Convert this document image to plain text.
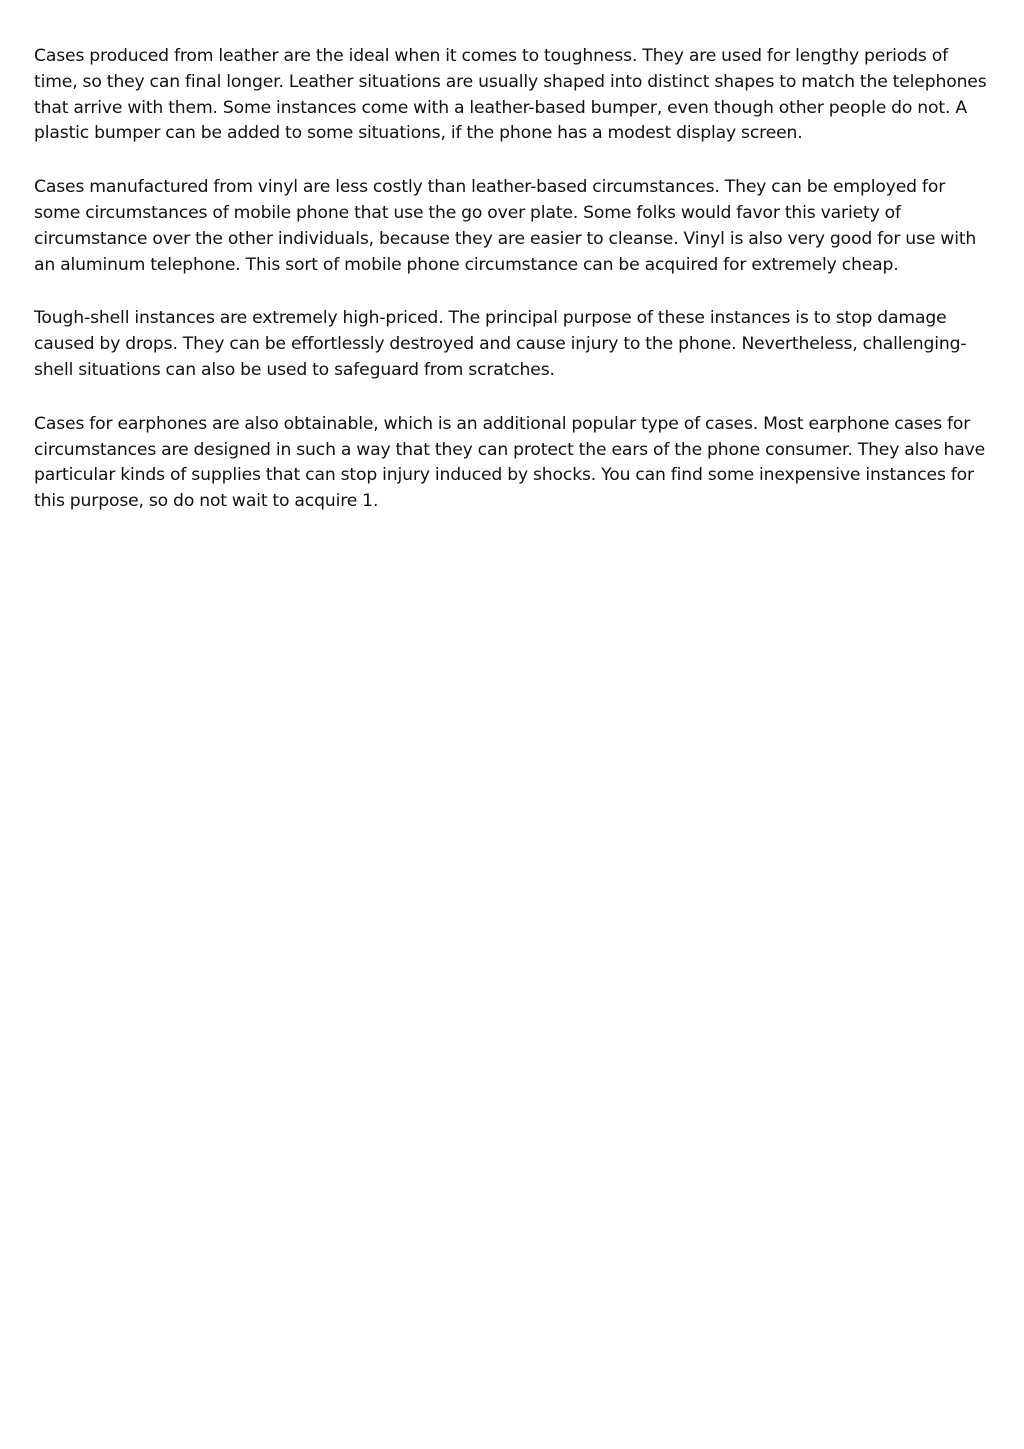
Cases produced from leather are the ideal when it comes to toughness. They are used for lengthy periods of time, so they can final longer. Leather situations are usually shaped into distinct shapes to match the telephones that arrive with them. Some instances come with a leather-based bumper, even though other people do not. A plastic bumper can be added to some situations, if the phone has a modest display screen.

Cases manufactured from vinyl are less costly than leather-based circumstances. They can be employed for some circumstances of mobile phone that use the go over plate. Some folks would favor this variety of circumstance over the other individuals, because they are easier to cleanse. Vinyl is also very good for use with an aluminum telephone. This sort of mobile phone circumstance can be acquired for extremely cheap.

Tough-shell instances are extremely high-priced. The principal purpose of these instances is to stop damage caused by drops. They can be effortlessly destroyed and cause injury to the phone. Nevertheless, challenging-shell situations can also be used to safeguard from scratches.

Cases for earphones are also obtainable, which is an additional popular type of cases. Most earphone cases for circumstances are designed in such a way that they can protect the ears of the phone consumer. They also have particular kinds of supplies that can stop injury induced by shocks. You can find some inexpensive instances for this purpose, so do not wait to acquire 1.
